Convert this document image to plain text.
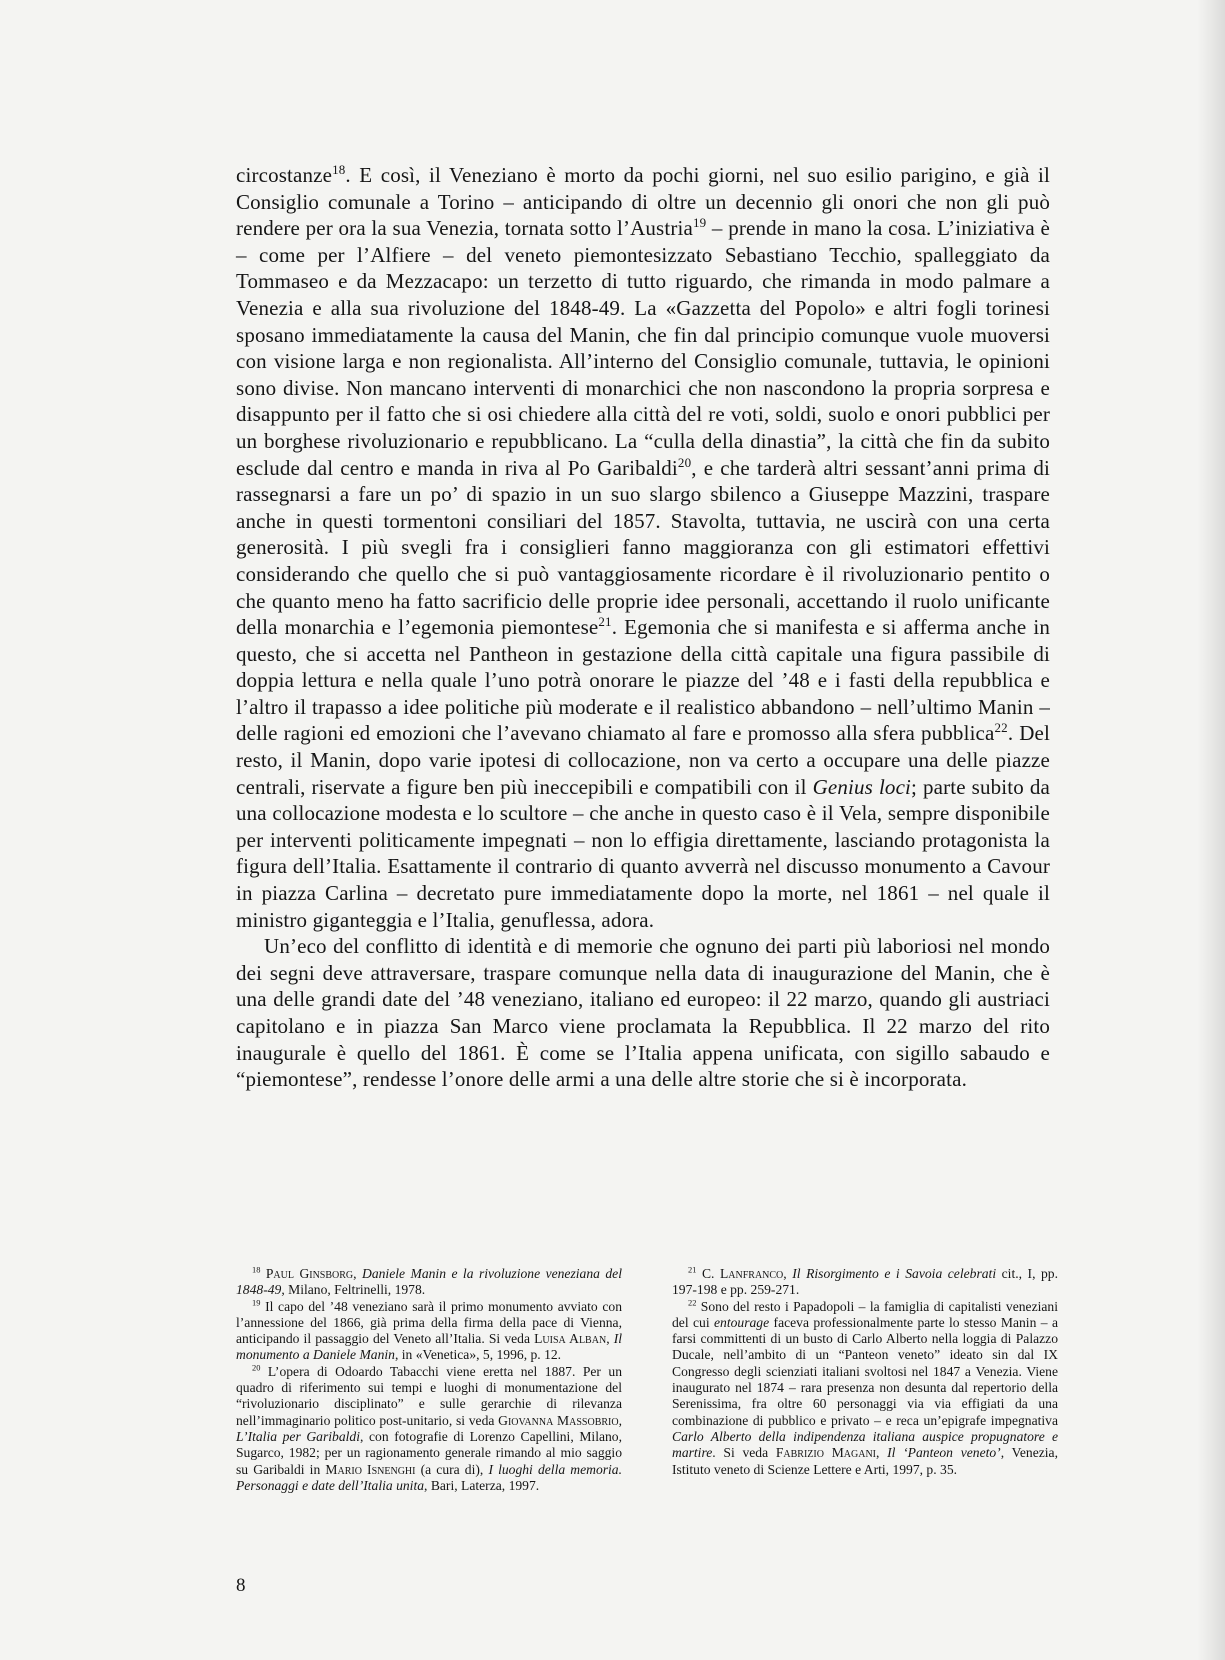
circostanze$^{18}$. E così, il Veneziano è morto da pochi giorni, nel suo esilio parigino, e già il Consiglio comunale a Torino – anticipando di oltre un decennio gli onori che non gli può rendere per ora la sua Venezia, tornata sotto l’Austria$^{19}$ – prende in mano la cosa. L’iniziativa è – come per l’Alfiere – del veneto piemontesizzato Sebastiano Tecchio, spalleggiato da Tommaseo e da Mezzacapo: un terzetto di tutto riguardo, che rimanda in modo palmare a Venezia e alla sua rivoluzione del 1848-49. La «Gazzetta del Popolo» e altri fogli torinesi sposano immediatamente la causa del Manin, che fin dal principio comunque vuole muoversi con visione larga e non regionalista. All’interno del Consiglio comunale, tuttavia, le opinioni sono divise. Non mancano interventi di monarchici che non nascondono la propria sorpresa e disappunto per il fatto che si osi chiedere alla città del re voti, soldi, suolo e onori pubblici per un borghese rivoluzionario e repubblicano. La “culla della dinastia”, la città che fin da subito esclude dal centro e manda in riva al Po Garibaldi$^{20}$, e che tarderà altri sessant’anni prima di rassegnarsi a fare un po’ di spazio in un suo slargo sbilenco a Giuseppe Mazzini, traspare anche in questi tormentoni consiliari del 1857. Stavolta, tuttavia, ne uscirà con una certa generosità. I più svegli fra i consiglieri fanno maggioranza con gli estimatori effettivi considerando che quello che si può vantaggiosamente ricordare è il rivoluzionario pentito o che quanto meno ha fatto sacrificio delle proprie idee personali, accettando il ruolo unificante della monarchia e l’egemonia piemontese$^{21}$. Egemonia che si manifesta e si afferma anche in questo, che si accetta nel Pantheon in gestazione della città capitale una figura passibile di doppia lettura e nella quale l’uno potrà onorare le piazze del ’48 e i fasti della repubblica e l’altro il trapasso a idee politiche più moderate e il realistico abbandono – nell’ultimo Manin – delle ragioni ed emozioni che l’avevano chiamato al fare e promosso alla sfera pubblica$^{22}$. Del resto, il Manin, dopo varie ipotesi di collocazione, non va certo a occupare una delle piazze centrali, riservate a figure ben più ineccepibili e compatibili con il Genius loci; parte subito da una collocazione modesta e lo scultore – che anche in questo caso è il Vela, sempre disponibile per interventi politicamente impegnati – non lo effigia direttamente, lasciando protagonista la figura dell’Italia. Esattamente il contrario di quanto avverrà nel discusso monumento a Cavour in piazza Carlina – decretato pure immediatamente dopo la morte, nel 1861 – nel quale il ministro giganteggia e l’Italia, genuflessa, adora.

Un’eco del conflitto di identità e di memorie che ognuno dei parti più laboriosi nel mondo dei segni deve attraversare, traspare comunque nella data di inaugurazione del Manin, che è una delle grandi date del ’48 veneziano, italiano ed europeo: il 22 marzo, quando gli austriaci capitolano e in piazza San Marco viene proclamata la Repubblica. Il 22 marzo del rito inaugurale è quello del 1861. È come se l’Italia appena unificata, con sigillo sabaudo e “piemontese”, rendesse l’onore delle armi a una delle altre storie che si è incorporata.

$^{18}$ Paul Ginsborg, Daniele Manin e la rivoluzione veneziana del 1848-49, Milano, Feltrinelli, 1978.

$^{19}$ Il capo del ’48 veneziano sarà il primo monumento avviato con l’annessione del 1866, già prima della firma della pace di Vienna, anticipando il passaggio del Veneto all’Italia. Si veda Luisa Alban, Il monumento a Daniele Manin, in «Venetica», 5, 1996, p. 12.

$^{20}$ L’opera di Odoardo Tabacchi viene eretta nel 1887. Per un quadro di riferimento sui tempi e luoghi di monumentazione del “rivoluzionario disciplinato” e sulle gerarchie di rilevanza nell’immaginario politico post-unitario, si veda Giovanna Massobrio, L’Italia per Garibaldi, con fotografie di Lorenzo Capellini, Milano, Sugarco, 1982; per un ragionamento generale rimando al mio saggio su Garibaldi in Mario Isnenghi (a cura di), I luoghi della memoria. Personaggi e date dell’Italia unita, Bari, Laterza, 1997.

$^{21}$ C. Lanfranco, Il Risorgimento e i Savoia celebrati cit., I, pp. 197-198 e pp. 259-271.

$^{22}$ Sono del resto i Papadopoli – la famiglia di capitalisti veneziani del cui entourage faceva professionalmente parte lo stesso Manin – a farsi committenti di un busto di Carlo Alberto nella loggia di Palazzo Ducale, nell’ambito di un “Panteon veneto” ideato sin dal IX Congresso degli scienziati italiani svoltosi nel 1847 a Venezia. Viene inaugurato nel 1874 – rara presenza non desunta dal repertorio della Serenissima, fra oltre 60 personaggi via via effigiati da una combinazione di pubblico e privato – e reca un’epigrafe impegnativa Carlo Alberto della indipendenza italiana auspice propugnatore e martire. Si veda Fabrizio Magani, Il ‘Panteon veneto’, Venezia, Istituto veneto di Scienze Lettere e Arti, 1997, p. 35.

8
